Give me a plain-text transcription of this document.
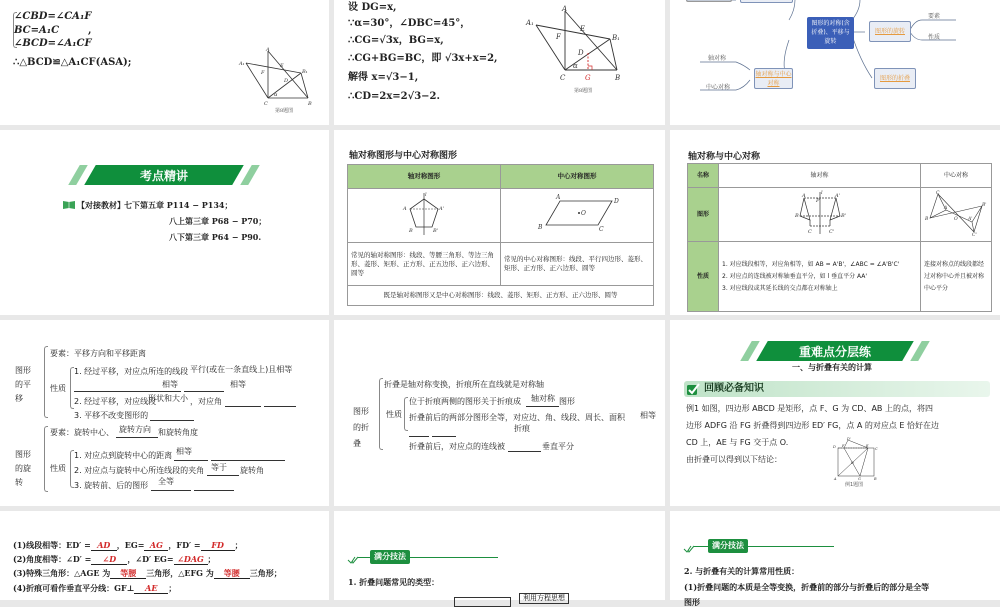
∠CBD=∠CA₁F
BC=A₁C	,
∠BCD=∠A₁CF
∴△BCD≌△A₁CF(ASA);
A
A₁	E
F	B₁
D
α
C	B
第8题图
设 DG=x,
∵α=30°，∠DBC=45°，
∴CG=√3x，BG=x,
∴CG+BG=BC，即 √3x+x=2,
解得 x=√3−1,
∴CD=2x=2√3−2.
A
A₁
E
F	B₁
D
α
C	B
G
第8题图
图形的对称(含折叠)、平移与旋转
图形的旋转
轴对称与中心对称
图形的折叠
要素
性质
轴对称
中心对称
考点精讲
【对接教材】 七下第五章 P114 − P134；
八上第三章 P68 − P70；
八下第三章 P64 − P90.
轴对称图形与中心对称图形
轴对称图形	中心对称图形

l
A A'
B B'	A
D
O
B C

常见的轴对称图形：线段、等腰三角形、等边三角形、菱形、矩形、正方形、正五边形、正六边形、圆等	常见的中心对称图形：线段、平行四边形、菱形、矩形、正方形、正六边形、圆等
既是轴对称图形又是中心对称图形：线段、菱形、矩形、正方形、正六边形、圆等	
轴对称与中心对称
名称	轴对称	中心对称
图形	
l
A	A'
P
B	B'
C	C'

C
A
B	O
B'
A'
C'

性质	1. 对应线段相等，对应角相等，如 AB = A'B'，∠ABC = ∠A'B'C'
2. 对应点的连线被对称轴垂直平分，如 l 垂直平分 AA'
3. 对应线段或其延长线的交点都在对称轴上	连接对称点的线段都经过对称中心并且被对称中心平分
图形的平移
要素：平移方向和平移距离
性质
1. 经过平移，对应点所连的线段 平行(或在一条直线上)且相等
相等	相等
2. 经过平移，对应线段
形状和大小 ，对应角
3. 平移不改变图形的
图形的旋转
要素：旋转中心、 旋转方向 和旋转角度
性质
1. 对应点到旋转中心的距离 相等
2. 对应点与旋转中心所连线段的夹角 等于 旋转角
3. 旋转前、后的图形 全等
图形的折叠
折叠是轴对称变换，折痕所在直线就是对称轴
性质
位于折痕两侧的图形关于折痕成 轴对称 图形
折叠前后的两部分图形全等，对应边、角、线段、周长、面积 相等
折痕
折叠前后，对应点的连线被	垂直平分
重难点分层练
一、与折叠有关的计算
回顾必备知识
例1 如图，四边形 ABCD 是矩形，点 F、G 为 CD、AB 上的点，将四
边形 ADFG 沿 FG 折叠得到四边形 ED′ FG，点 A 的对应点 E 恰好在边
CD 上，AE 与 FG 交于点 O.
由折叠可以得到以下结论：
D'
D F	E
C
O
A	G	B
例1题图
(1)线段相等：ED′ = AD ，EG= AG ，FD′ = FD ；
(2)角度相等：∠D′ = ∠D ，∠D′ EG= ∠DAG ；
(3)特殊三角形：△AGE 为 等腰 三角形，△EFG 为 等腰 三角形；
(4)折痕可看作垂直平分线：GF⊥ AE ；
满分技法
1. 折叠问题常见的类型：
利用方程思想
满分技法
2. 与折叠有关的计算常用性质：
(1)折叠问题的本质是全等变换，折叠前的部分与折叠后的部分是全等
图形
